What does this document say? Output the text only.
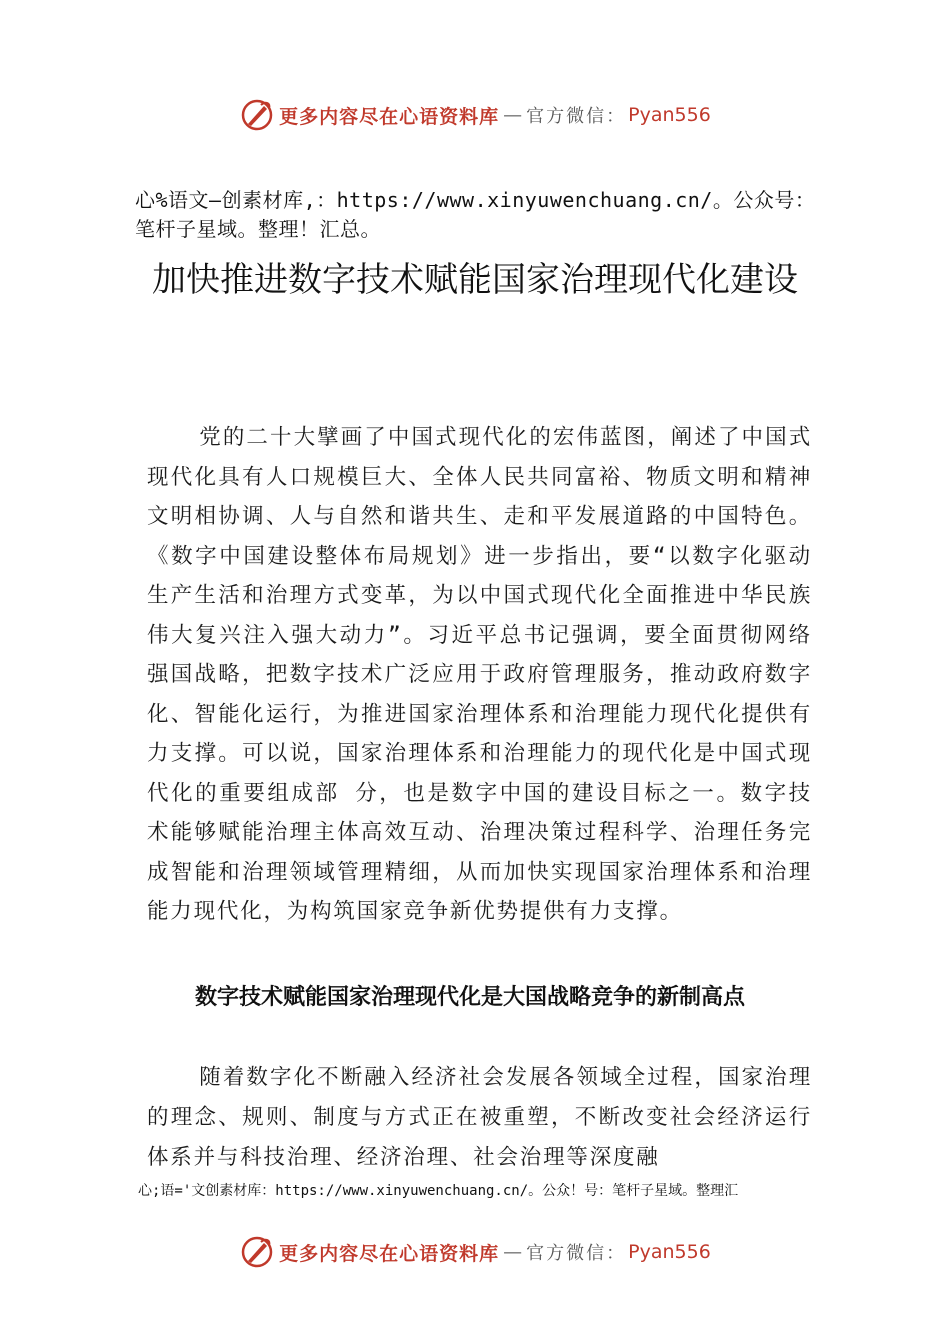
更多内容尽在心语资料库 — 官方微信： Pyan556
心%语文—创素材库,：https://www.xinyuwenchuang.cn/。公众号：笔杆子星域。整理！汇总。
加快推进数字技术赋能国家治理现代化建设
党的二十大擘画了中国式现代化的宏伟蓝图，阐述了中国式现代化具有人口规模巨大、全体人民共同富裕、物质文明和精神文明相协调、人与自然和谐共生、走和平发展道路的中国特色。《数字中国建设整体布局规划》进一步指出，要“以数字化驱动生产生活和治理方式变革，为以中国式现代化全面推进中华民族伟大复兴注入强大动力”。习近平总书记强调，要全面贯彻网络强国战略，把数字技术广泛应用于政府管理服务，推动政府数字化、智能化运行，为推进国家治理体系和治理能力现代化提供有力支撑。可以说，国家治理体系和治理能力的现代化是中国式现代化的重要组成部 分，也是数字中国的建设目标之一。数字技术能够赋能治理主体高效互动、治理决策过程科学、治理任务完成智能和治理领域管理精细，从而加快实现国家治理体系和治理能力现代化，为构筑国家竞争新优势提供有力支撑。
数字技术赋能国家治理现代化是大国战略竞争的新制高点
随着数字化不断融入经济社会发展各领域全过程，国家治理的理念、规则、制度与方式正在被重塑，不断改变社会经济运行体系并与科技治理、经济治理、社会治理等深度融
心;语='文创素材库：https://www.xinyuwenchuang.cn/。公众！号：笔杆子星域。整理汇
更多内容尽在心语资料库 — 官方微信： Pyan556
